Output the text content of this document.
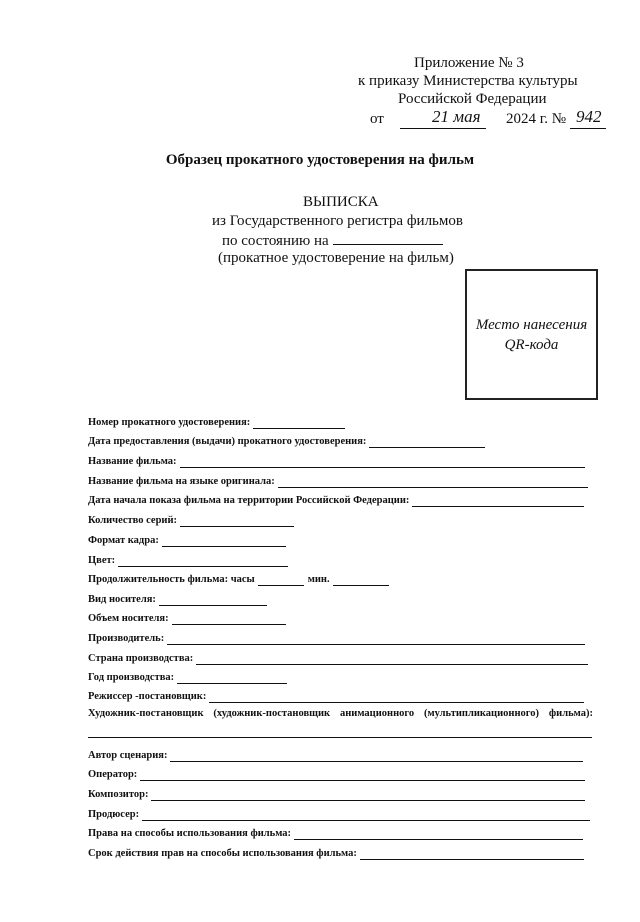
Приложение № 3
к приказу Министерства культуры
Российской Федерации
от	21 мая 2024 г. № 942
Образец прокатного удостоверения на фильм
ВЫПИСКА
из Государственного регистра фильмов
по состоянию на
(прокатное удостоверение на фильм)
Место нанесения
QR-кода
Номер прокатного удостоверения:
Дата предоставления (выдачи) прокатного удостоверения:
Название фильма:
Название фильма на языке оригинала:
Дата начала показа фильма на территории Российской Федерации:
Количество серий:
Формат кадра:
Цвет:
Продолжительность фильма: часы	мин.
Вид носителя:
Объем носителя:
Производитель:
Страна производства:
Год производства:
Режиссер -постановщик:
Художник-постановщик (художник-постановщик анимационного (мультипликационного) фильма):
Автор сценария:
Оператор:
Композитор:
Продюсер:
Права на способы использования фильма:
Срок действия прав на способы использования фильма:
